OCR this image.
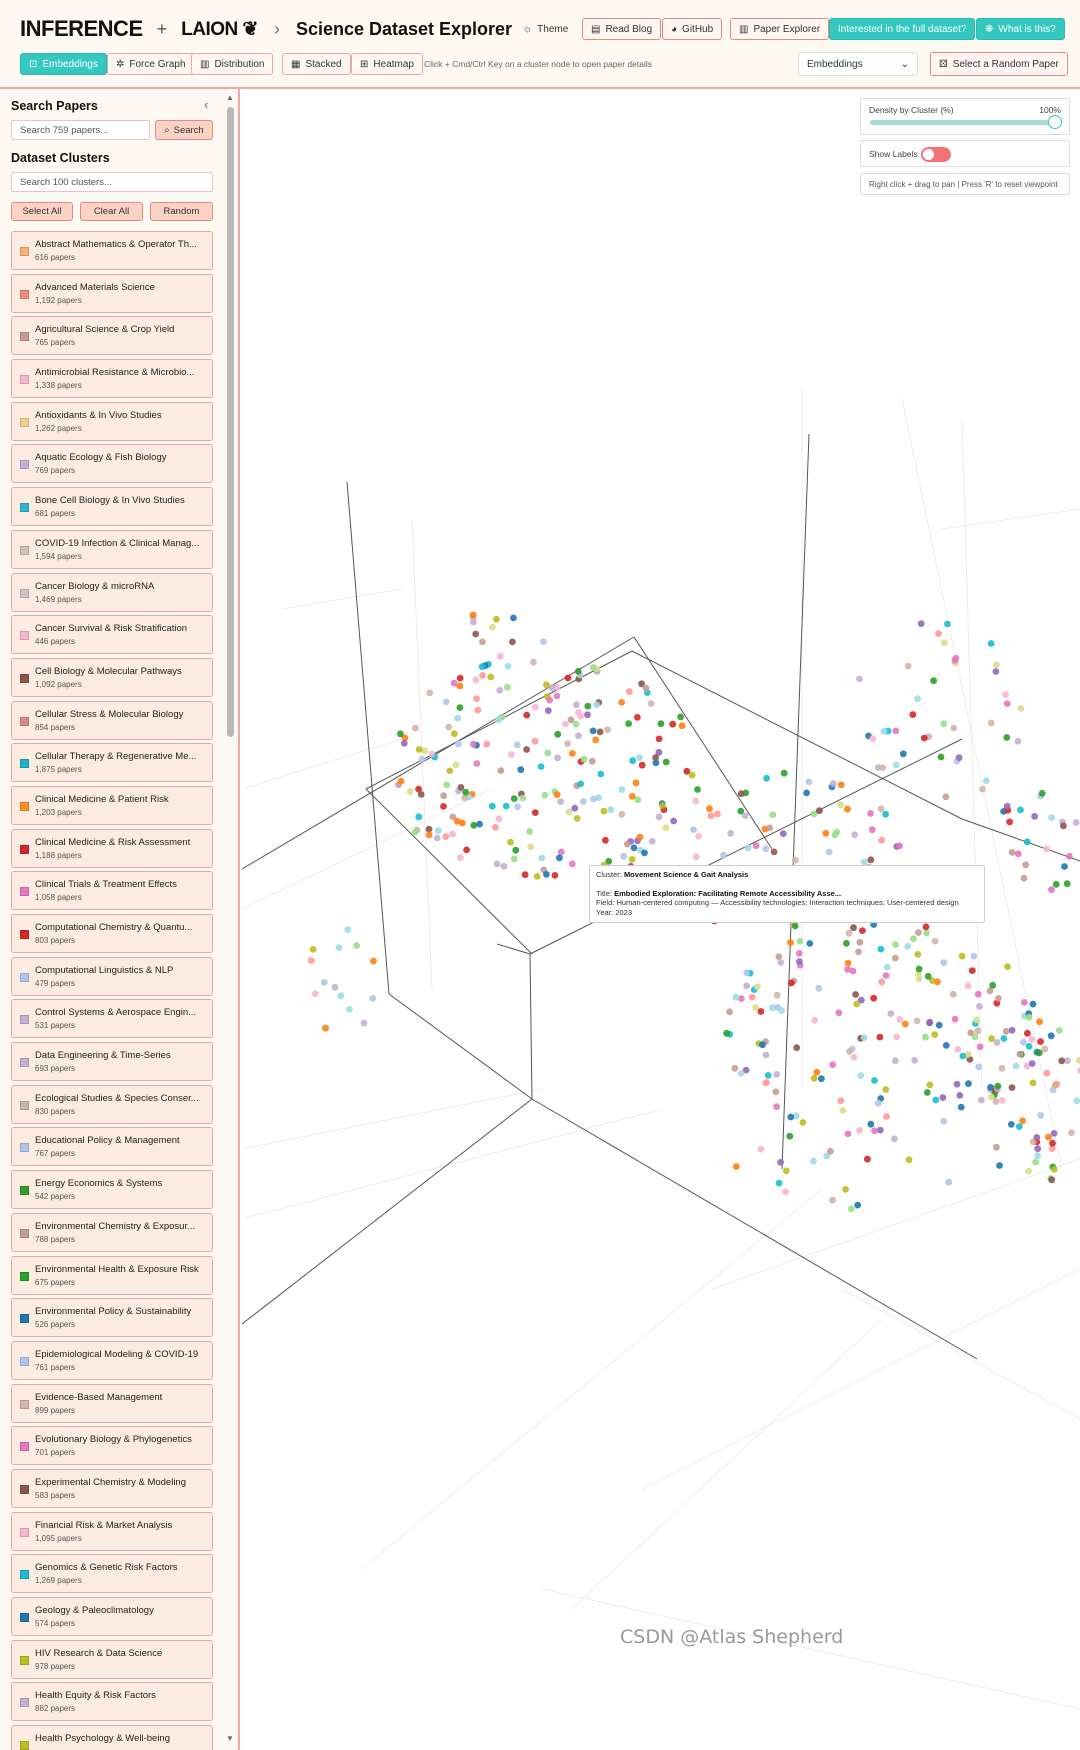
INFERENCE + LAION ❦ › Science Dataset Explorer ☼ Theme ▤ Read Blog ◕ GitHub	▥ Paper Explorer Interested in the full dataset? ❋ What is this?
⊡ Embeddings ✲ Force Graph ▥ Distribution	▦ Stacked ⊞ Heatmap Click + Cmd/Ctrl Key on a cluster node to open paper details	Embeddings	⌄	⚄ Select a Random Paper
Search Papers	‹
Search 759 papers...	⌕ Search
Dataset Clusters
Search 100 clusters...
Select All	Clear All	Random
Abstract Mathematics & Operator Th...
616 papers
Advanced Materials Science
1,192 papers
Agricultural Science & Crop Yield
765 papers
Antimicrobial Resistance & Microbio...
1,338 papers
Antioxidants & In Vivo Studies
1,262 papers
Aquatic Ecology & Fish Biology
769 papers
Bone Cell Biology & In Vivo Studies
681 papers
COVID-19 Infection & Clinical Manag...
1,594 papers
Cancer Biology & microRNA
1,469 papers
Cancer Survival & Risk Stratification
446 papers
Cell Biology & Molecular Pathways
1,092 papers
Cellular Stress & Molecular Biology
854 papers
Cellular Therapy & Regenerative Me...
1,875 papers
Clinical Medicine & Patient Risk
1,203 papers
Clinical Medicine & Risk Assessment
1,188 papers
Clinical Trials & Treatment Effects
1,058 papers
Computational Chemistry & Quantu...
803 papers
Computational Linguistics & NLP
479 papers
Control Systems & Aerospace Engin...
531 papers
Data Engineering & Time-Series
693 papers
Ecological Studies & Species Conser...
830 papers
Educational Policy & Management
767 papers
Energy Economics & Systems
542 papers
Environmental Chemistry & Exposur...
788 papers
Environmental Health & Exposure Risk
675 papers
Environmental Policy & Sustainability
526 papers
Epidemiological Modeling & COVID-19
761 papers
Evidence-Based Management
899 papers
Evolutionary Biology & Phylogenetics
701 papers
Experimental Chemistry & Modeling
583 papers
Financial Risk & Market Analysis
1,095 papers
Genomics & Genetic Risk Factors
1,269 papers
Geology & Paleoclimatology
574 papers
HIV Research & Data Science
978 papers
Health Equity & Risk Factors
882 papers
Health Psychology & Well-being
▲
▼
Density by Cluster (%)	100%
Show Labels
Right click + drag to pan | Press 'R' to reset viewpoint
Cluster: Movement Science & Gait Analysis
Title: Embodied Exploration: Facilitating Remote Accessibility Asse...
Field: Human-centered computing — Accessibility technologies; Interaction techniques; User-centered design
Year: 2023
CSDN @Atlas Shepherd
